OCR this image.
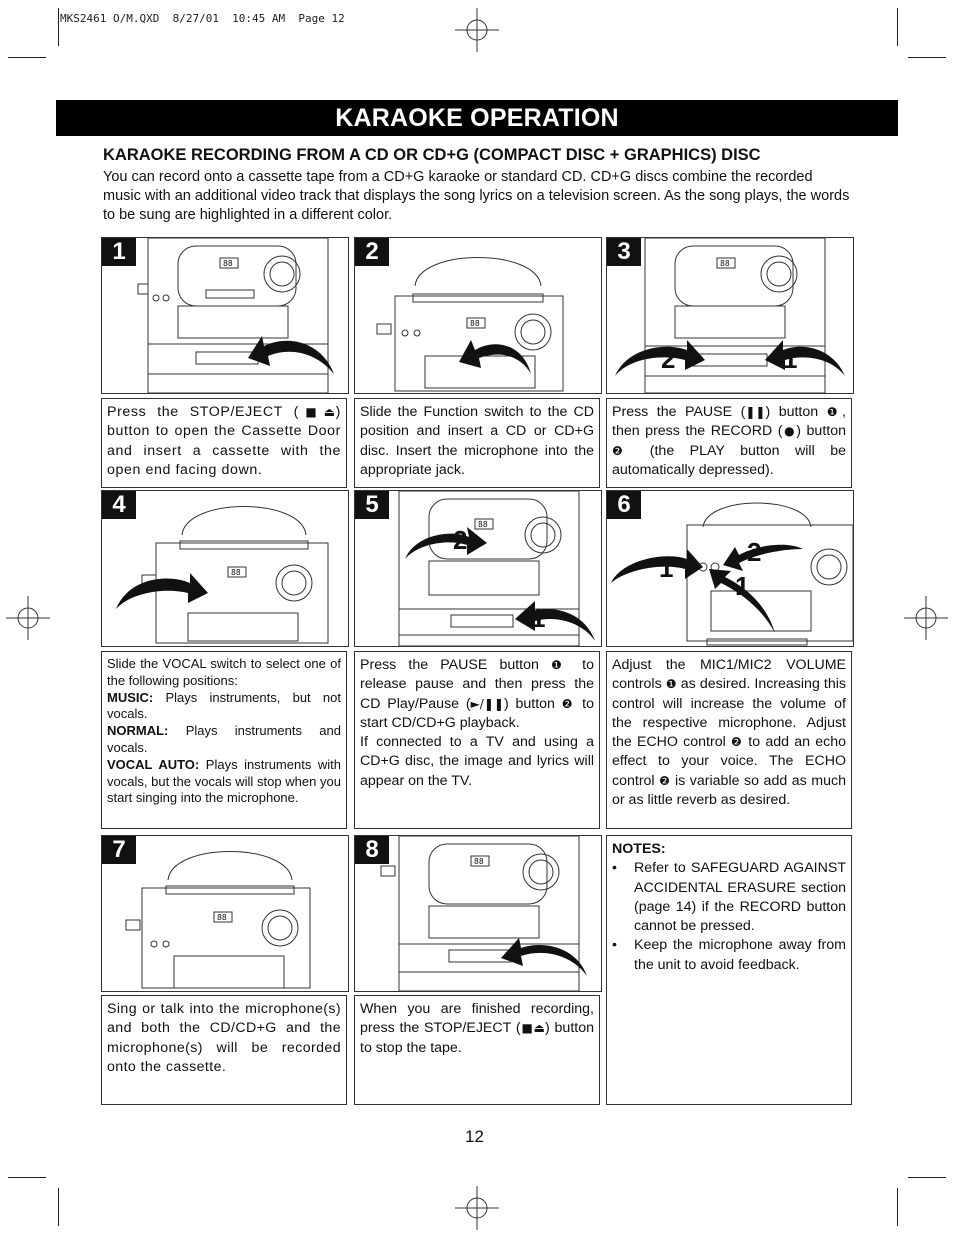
MKS2461 O/M.QXD  8/27/01  10:45 AM  Page 12
KARAOKE OPERATION
KARAOKE RECORDING FROM A CD OR CD+G (COMPACT DISC + GRAPHICS) DISC
You can record onto a cassette tape from a CD+G karaoke or standard CD. CD+G discs combine the recorded music with an additional video track that displays the song lyrics on a television screen. As the song plays, the words to be sung are highlighted in a different color.
1	88	2
88
3
2	1
88
4
88
5
2
1
88
6
1
2
1
7
88
8	88
Press the STOP/EJECT (■⏏) button to open the Cassette Door and insert a cassette with the open end facing down.
Slide the Function switch to the CD position and insert a CD or CD+G disc. Insert the microphone into the appropriate jack.
Press the PAUSE (❚❚) button ❶, then press the RECORD (●) button ❷ (the PLAY button will be automatically depressed).
Slide the VOCAL switch to select one of the following positions:
MUSIC: Plays instruments, but not vocals.
NORMAL: Plays instruments and vocals.
VOCAL AUTO: Plays instruments with vocals, but the vocals will stop when you start singing into the microphone.
Press the PAUSE button ❶ to release pause and then press the CD Play/Pause (►/❚❚) button ❷ to start CD/CD+G playback.
If connected to a TV and using a CD+G disc, the image and lyrics will appear on the TV.
Adjust the MIC1/MIC2 VOLUME controls ❶ as desired. Increasing this control will increase the volume of the respective microphone. Adjust the ECHO control ❷ to add an echo effect to your voice. The ECHO control ❷ is variable so add as much or as little reverb as desired.
Sing or talk into the microphone(s) and both the CD/CD+G and the microphone(s) will be recorded onto the cassette.
When you are finished recording, press the STOP/EJECT (■⏏) button to stop the tape.
NOTES:
• Refer to SAFEGUARD AGAINST ACCIDENTAL ERASURE section (page 14) if the RECORD button cannot be pressed.
• Keep the microphone away from the unit to avoid feedback.
12
